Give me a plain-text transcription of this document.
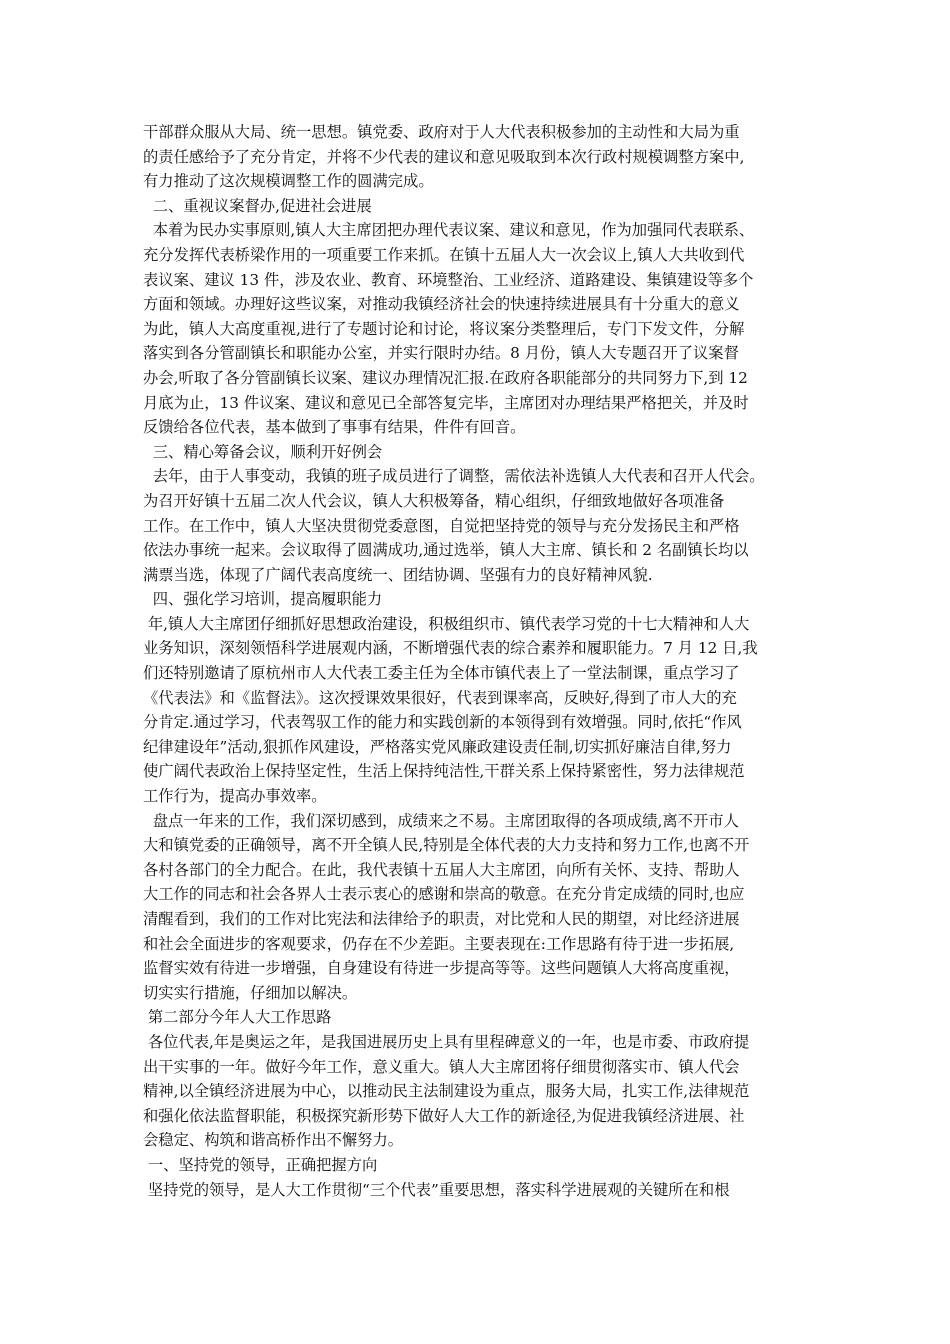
干部群众服从大局、统一思想。镇党委、政府对于人大代表积极参加的主动性和大局为重
的责任感给予了充分肯定，并将不少代表的建议和意见吸取到本次行政村规模调整方案中,
有力推动了这次规模调整工作的圆满完成。
二、重视议案督办,促进社会进展
本着为民办实事原则,镇人大主席团把办理代表议案、建议和意见，作为加强同代表联系、
充分发挥代表桥梁作用的一项重要工作来抓。在镇十五届人大一次会议上,镇人大共收到代
表议案、建议 13 件，涉及农业、教育、环境整治、工业经济、道路建设、集镇建设等多个
方面和领域。办理好这些议案，对推动我镇经济社会的快速持续进展具有十分重大的意义
为此，镇人大高度重视,进行了专题讨论和讨论，将议案分类整理后，专门下发文件，分解
落实到各分管副镇长和职能办公室，并实行限时办结。8 月份，镇人大专题召开了议案督
办会,听取了各分管副镇长议案、建议办理情况汇报.在政府各职能部分的共同努力下,到 12
月底为止，13 件议案、建议和意见已全部答复完毕，主席团对办理结果严格把关，并及时
反馈给各位代表，基本做到了事事有结果，件件有回音。
三、精心筹备会议，顺利开好例会
去年，由于人事变动，我镇的班子成员进行了调整，需依法补选镇人大代表和召开人代会。
为召开好镇十五届二次人代会议，镇人大积极筹备，精心组织，仔细致地做好各项准备
工作。在工作中，镇人大坚决贯彻党委意图，自觉把坚持党的领导与充分发扬民主和严格
依法办事统一起来。会议取得了圆满成功,通过选举，镇人大主席、镇长和 2 名副镇长均以
满票当选，体现了广阔代表高度统一、团结协调、坚强有力的良好精神风貌.
四、强化学习培训，提高履职能力
年,镇人大主席团仔细抓好思想政治建设，积极组织市、镇代表学习党的十七大精神和人大
业务知识，深刻领悟科学进展观内涵，不断增强代表的综合素养和履职能力。7 月 12 日,我
们还特别邀请了原杭州市人大代表工委主任为全体市镇代表上了一堂法制课，重点学习了
《代表法》和《监督法》。这次授课效果很好，代表到课率高，反映好,得到了市人大的充
分肯定.通过学习，代表驾驭工作的能力和实践创新的本领得到有效增强。同时,依托“作风
纪律建设年”活动,狠抓作风建设，严格落实党风廉政建设责任制,切实抓好廉洁自律,努力
使广阔代表政治上保持坚定性，生活上保持纯洁性,干群关系上保持紧密性，努力法律规范
工作行为，提高办事效率。
盘点一年来的工作，我们深切感到，成绩来之不易。主席团取得的各项成绩,离不开市人
大和镇党委的正确领导，离不开全镇人民,特别是全体代表的大力支持和努力工作,也离不开
各村各部门的全力配合。在此，我代表镇十五届人大主席团，向所有关怀、支持、帮助人
大工作的同志和社会各界人士表示衷心的感谢和崇高的敬意。在充分肯定成绩的同时,也应
清醒看到，我们的工作对比宪法和法律给予的职责，对比党和人民的期望，对比经济进展
和社会全面进步的客观要求，仍存在不少差距。主要表现在:工作思路有待于进一步拓展,
监督实效有待进一步增强，自身建设有待进一步提高等等。这些问题镇人大将高度重视，
切实实行措施，仔细加以解决。
第二部分今年人大工作思路
各位代表,年是奥运之年，是我国进展历史上具有里程碑意义的一年，也是市委、市政府提
出干实事的一年。做好今年工作，意义重大。镇人大主席团将仔细贯彻落实市、镇人代会
精神,以全镇经济进展为中心，以推动民主法制建设为重点，服务大局，扎实工作,法律规范
和强化依法监督职能，积极探究新形势下做好人大工作的新途径,为促进我镇经济进展、社
会稳定、构筑和谐高桥作出不懈努力。
一、坚持党的领导，正确把握方向
坚持党的领导，是人大工作贯彻“三个代表”重要思想，落实科学进展观的关键所在和根
